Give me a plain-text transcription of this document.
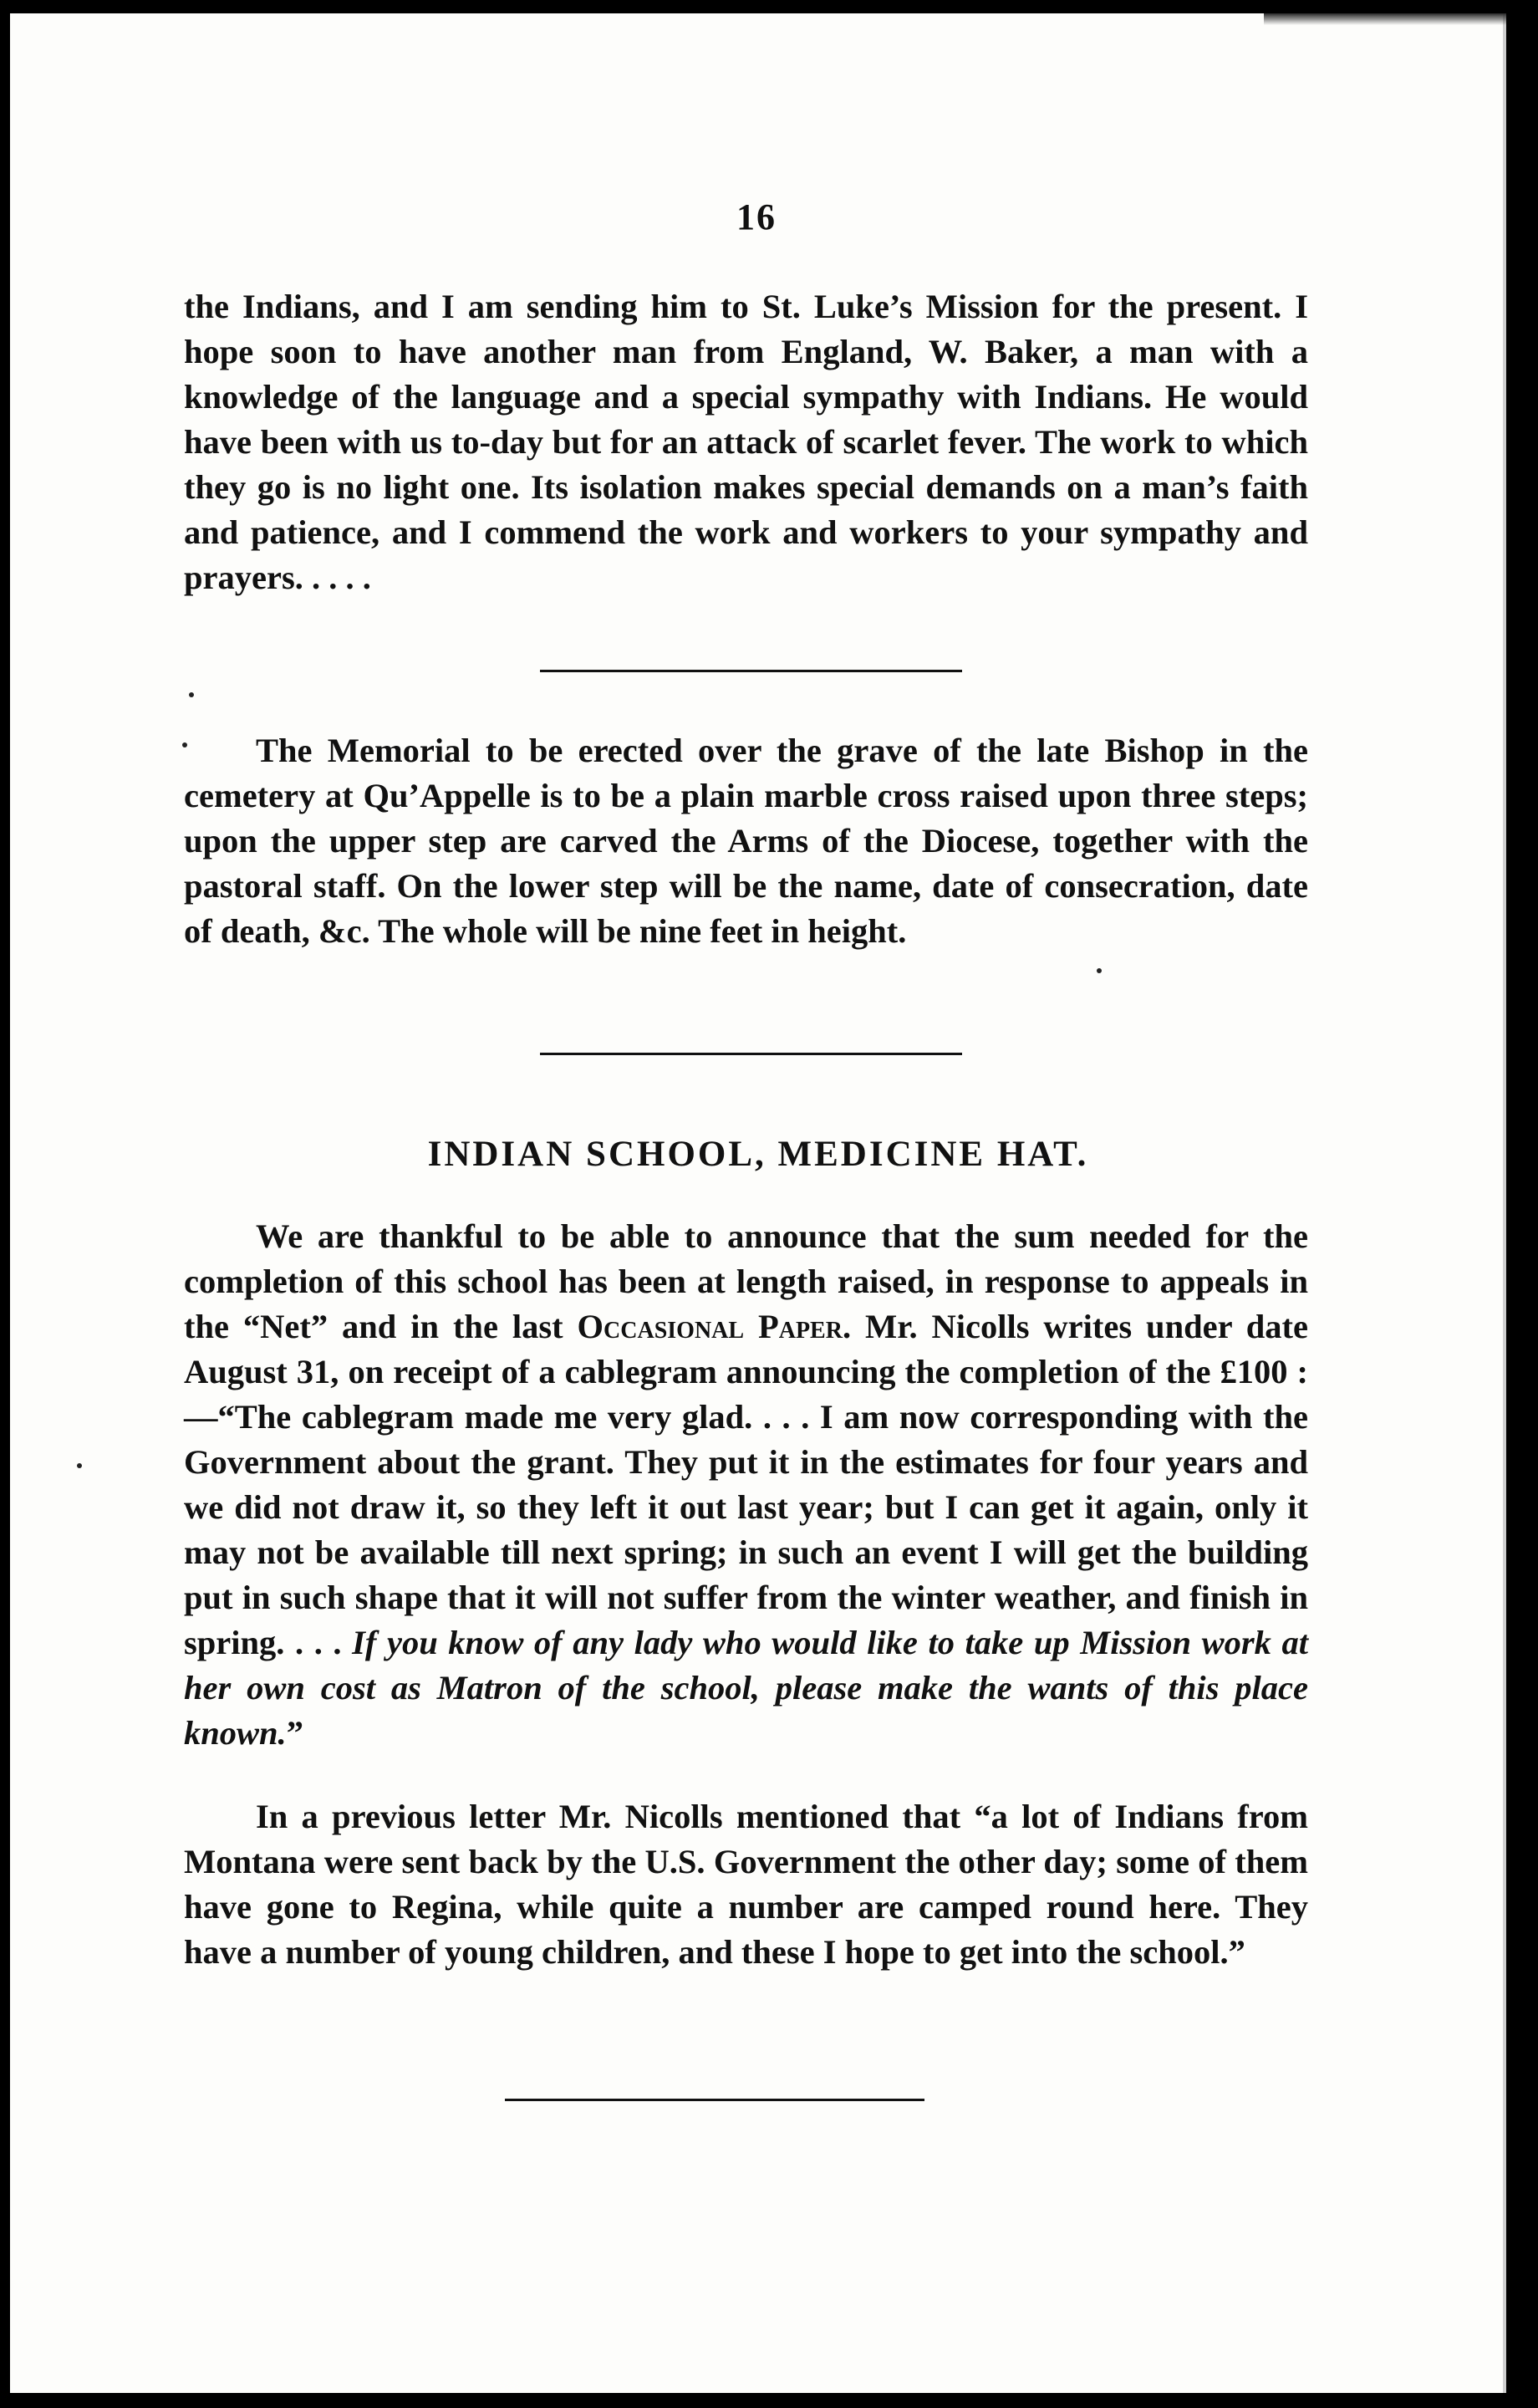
16

the Indians, and I am sending him to St. Luke’s Mission for the present. I hope soon to have another man from England, W. Baker, a man with a knowledge of the language and a special sympathy with Indians. He would have been with us to-day but for an attack of scarlet fever. The work to which they go is no light one. Its isolation makes special demands on a man’s faith and patience, and I commend the work and workers to your sympathy and prayers. . . . .

The Memorial to be erected over the grave of the late Bishop in the cemetery at Qu’Appelle is to be a plain marble cross raised upon three steps; upon the upper step are carved the Arms of the Diocese, together with the pastoral staff. On the lower step will be the name, date of consecration, date of death, &c. The whole will be nine feet in height.

INDIAN SCHOOL, MEDICINE HAT.

We are thankful to be able to announce that the sum needed for the completion of this school has been at length raised, in response to appeals in the “Net” and in the last Occasional Paper. Mr. Nicolls writes under date August 31, on receipt of a cablegram announcing the completion of the £100 :—“The cablegram made me very glad. . . . I am now corresponding with the Government about the grant. They put it in the estimates for four years and we did not draw it, so they left it out last year; but I can get it again, only it may not be available till next spring; in such an event I will get the building put in such shape that it will not suffer from the winter weather, and finish in spring. . . . If you know of any lady who would like to take up Mission work at her own cost as Matron of the school, please make the wants of this place known.”

In a previous letter Mr. Nicolls mentioned that “a lot of Indians from Montana were sent back by the U.S. Government the other day; some of them have gone to Regina, while quite a number are camped round here. They have a number of young children, and these I hope to get into the school.”
